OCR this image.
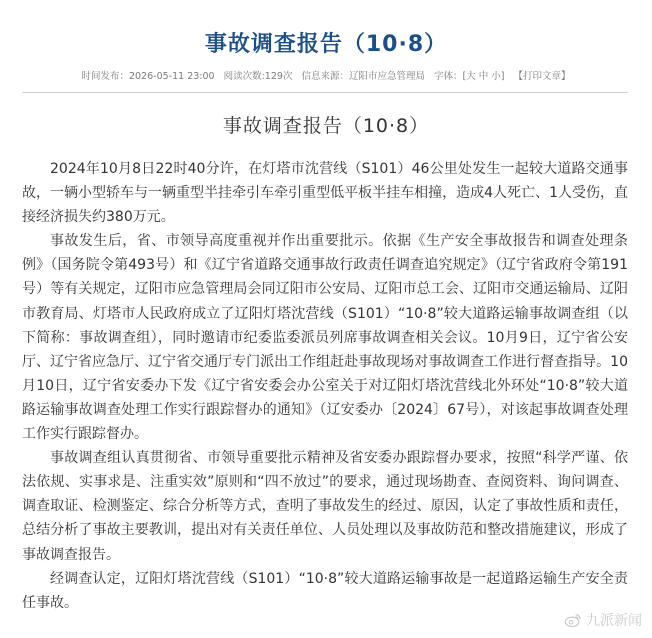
事故调查报告（10·8）
时间发布：2026-05-11 23:00 阅读次数:129次 信息来源：辽阳市应急管理局 字体：[大 中 小] 【打印文章】
事故调查报告（10·8）

2024年10月8日22时40分许，在灯塔市沈营线（S101）46公里处发生一起较大道路交通事故，一辆小型轿车与一辆重型半挂牵引车牵引重型低平板半挂车相撞，造成4人死亡、1人受伤，直接经济损失约380万元。

事故发生后，省、市领导高度重视并作出重要批示。依据《生产安全事故报告和调查处理条例》（国务院令第493号）和《辽宁省道路交通事故行政责任调查追究规定》（辽宁省政府令第191号）等有关规定，辽阳市应急管理局会同辽阳市公安局、辽阳市总工会、辽阳市交通运输局、辽阳市教育局、灯塔市人民政府成立了辽阳灯塔沈营线（S101）“10·8”较大道路运输事故调查组（以下简称：事故调查组），同时邀请市纪委监委派员列席事故调查相关会议。10月9日，辽宁省公安厅、辽宁省应急厅、辽宁省交通厅专门派出工作组赶赴事故现场对事故调查工作进行督查指导。10月10日，辽宁省安委办下发《辽宁省安委会办公室关于对辽阳灯塔沈营线北外环处“10·8”较大道路运输事故调查处理工作实行跟踪督办的通知》（辽安委办〔2024〕67号），对该起事故调查处理工作实行跟踪督办。

事故调查组认真贯彻省、市领导重要批示精神及省安委办跟踪督办要求，按照“科学严谨、依法依规、实事求是、注重实效”原则和“四不放过”的要求，通过现场勘查、查阅资料、询问调查、调查取证、检测鉴定、综合分析等方式，查明了事故发生的经过、原因，认定了事故性质和责任，总结分析了事故主要教训，提出对有关责任单位、人员处理以及事故防范和整改措施建议，形成了事故调查报告。

经调查认定，辽阳灯塔沈营线（S101）“10·8”较大道路运输事故是一起道路运输生产安全责任事故。

九派新闻
